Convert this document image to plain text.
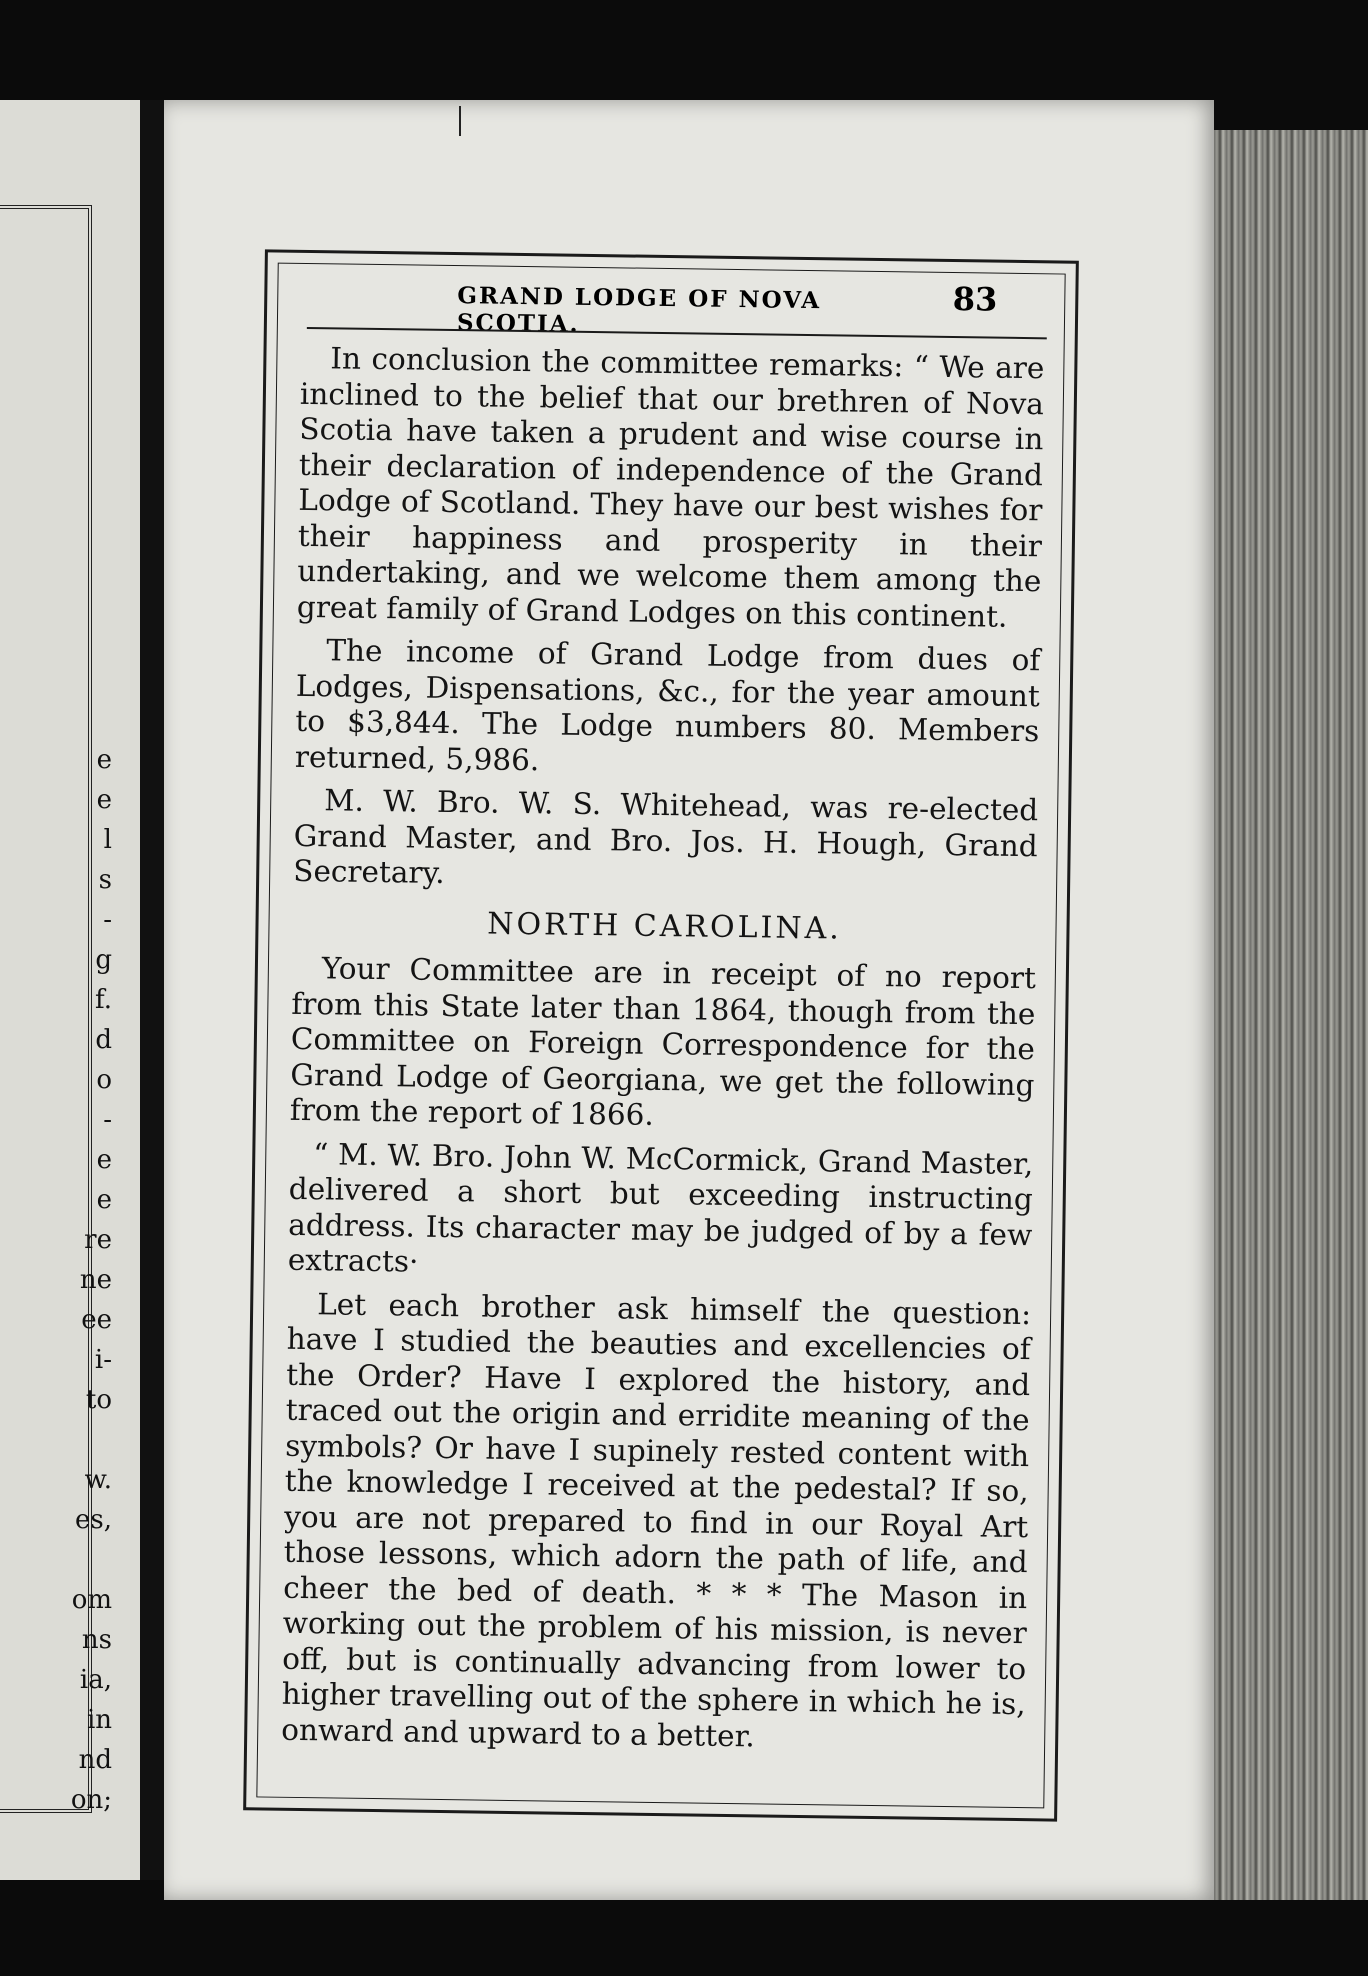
e
e
l
s
-
g
f.
d
o
-
e
e
re
ne
ee
i-
to
w.
es,
om
ns
ia,
in
nd
on;
GRAND LODGE OF NOVA SCOTIA.
83

In conclusion the committee remarks: “ We are inclined to the belief that our brethren of Nova Scotia have taken a prudent and wise course in their declaration of independence of the Grand Lodge of Scotland. They have our best wishes for their happiness and prosperity in their undertaking, and we welcome them among the great family of Grand Lodges on this continent.

The income of Grand Lodge from dues of Lodges, Dispensations, &c., for the year amount to $3,844. The Lodge numbers 80. Members returned, 5,986.

M. W. Bro. W. S. Whitehead, was re-elected Grand Master, and Bro. Jos. H. Hough, Grand Secretary.

NORTH CAROLINA.

Your Committee are in receipt of no report from this State later than 1864, though from the Committee on Foreign Correspondence for the Grand Lodge of Georgiana, we get the following from the report of 1866.

“ M. W. Bro. John W. McCormick, Grand Master, delivered a short but exceeding instructing address. Its character may be judged of by a few extracts·

Let each brother ask himself the question: have I studied the beauties and excellencies of the Order? Have I explored the history, and traced out the origin and erridite meaning of the symbols? Or have I supinely rested content with the knowledge I received at the pedestal? If so, you are not prepared to find in our Royal Art those lessons, which adorn the path of life, and cheer the bed of death. * * * The Mason in working out the problem of his mission, is never off, but is continually advancing from lower to higher travelling out of the sphere in which he is, onward and upward to a better.
